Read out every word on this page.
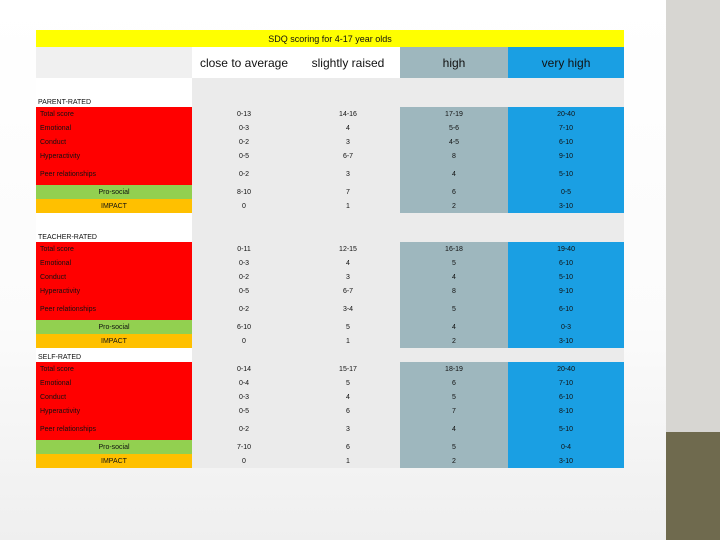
SDQ scoring for 4-17 year olds				
	close to average	slightly raised	high	very high
PARENT-RATED				
Total score	0-13	14-16	17-19	20-40
Emotional	0-3	4	5-6	7-10
Conduct	0-2	3	4-5	6-10
Hyperactivity	0-5	6-7	8	9-10
Peer relationships	0-2	3	4	5-10
Pro-social	8-10	7	6	0-5
IMPACT	0	1	2	3-10
TEACHER-RATED				
Total score	0-11	12-15	16-18	19-40
Emotional	0-3	4	5	6-10
Conduct	0-2	3	4	5-10
Hyperactivity	0-5	6-7	8	9-10
Peer relationships	0-2	3-4	5	6-10
Pro-social	6-10	5	4	0-3
IMPACT	0	1	2	3-10
SELF-RATED				
Total score	0-14	15-17	18-19	20-40
Emotional	0-4	5	6	7-10
Conduct	0-3	4	5	6-10
Hyperactivity	0-5	6	7	8-10
Peer relationships	0-2	3	4	5-10
Pro-social	7-10	6	5	0-4
IMPACT	0	1	2	3-10
